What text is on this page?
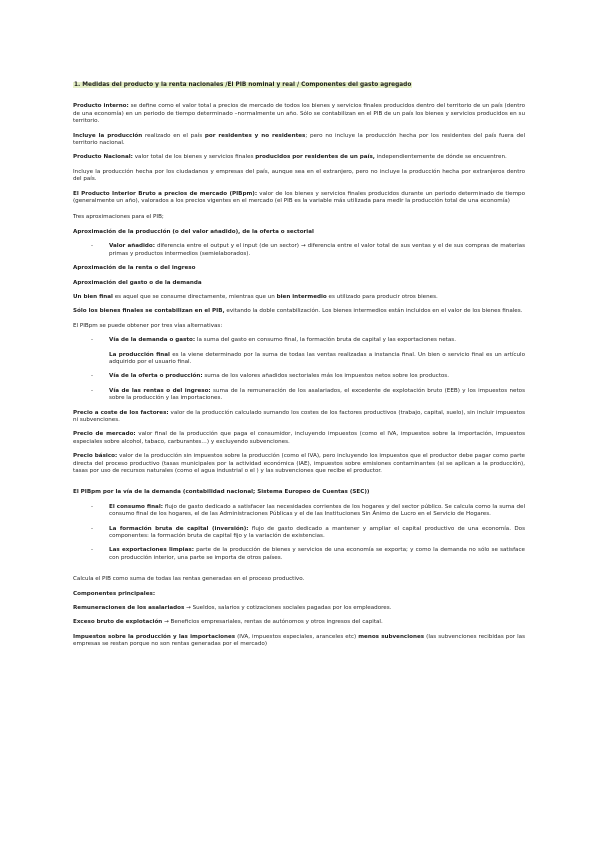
1. Medidas del producto y la renta nacionales /El PIB nominal y real / Componentes del gasto agregado

Producto interno: se define como el valor total a precios de mercado de todos los bienes y servicios finales producidos dentro del territorio de un país (dentro de una economía) en un periodo de tiempo determinado –normalmente un año. Sólo se contabilizan en el PIB de un país los bienes y servicios producidos en su territorio.

Incluye la producción realizado en el país por residentes y no residentes; pero no incluye la producción hecha por los residentes del país fuera del territorio nacional.

Producto Nacional: valor total de los bienes y servicios finales producidos por residentes de un país, independientemente de dónde se encuentren.

Incluye la producción hecha por los ciudadanos y empresas del país, aunque sea en el extranjero, pero no incluye la producción hecha por extranjeros dentro del país.

El Producto Interior Bruto a precios de mercado (PIBpm): valor de los bienes y servicios finales producidos durante un periodo determinado de tiempo (generalmente un año), valorados a los precios vigentes en el mercado (el PIB es la variable más utilizada para medir la producción total de una economía)

Tres aproximaciones para el PIB;

Aproximación de la producción (o del valor añadido), de la oferta o sectorial

-	Valor añadido: diferencia entre el output y el input (de un sector) → diferencia entre el valor total de sus ventas y el de sus compras de materias primas y productos intermedios (semielaborados).

Aproximación de la renta o del ingreso

Aproximación del gasto o de la demanda

Un bien final es aquel que se consume directamente, mientras que un bien intermedio es utilizado para producir otros bienes.

Sólo los bienes finales se contabilizan en el PIB, evitando la doble contabilización. Los bienes intermedios están incluidos en el valor de los bienes finales.

El PIBpm se puede obtener por tres vías alternativas:

-	Vía de la demanda o gasto: la suma del gasto en consumo final, la formación bruta de capital y las exportaciones netas.

La producción final es la viene determinado por la suma de todas las ventas realizadas a instancia final. Un bien o servicio final es un artículo adquirido por el usuario final.

-	Vía de la oferta o producción: suma de los valores añadidos sectoriales más los impuestos netos sobre los productos.

-	Vía de las rentas o del ingreso: suma de la remuneración de los asalariados, el excedente de explotación bruto (EEB) y los impuestos netos sobre la producción y las importaciones.

Precio a coste de los factores: valor de la producción calculado sumando los costes de los factores productivos (trabajo, capital, suelo), sin incluir impuestos ni subvenciones.

Precio de mercado: valor final de la producción que paga el consumidor, incluyendo impuestos (como el IVA, impuestos sobre la importación, impuestos especiales sobre alcohol, tabaco, carburantes…) y excluyendo subvenciones.

Precio básico: valor de la producción sin impuestos sobre la producción (como el IVA), pero incluyendo los impuestos que el productor debe pagar como parte directa del proceso productivo (tasas municipales por la actividad económica (IAE), impuestos sobre emisiones contaminantes (si se aplican a la producción), tasas por uso de recursos naturales (como el agua industrial o el ) y las subvenciones que recibe el productor.

El PIBpm por la vía de la demanda (contabilidad nacional; Sistema Europeo de Cuentas (SEC))

-	El consumo final: flujo de gasto dedicado a satisfacer las necesidades corrientes de los hogares y del sector público. Se calcula como la suma del consumo final de los hogares, el de las Administraciones Públicas y el de las Instituciones Sin Ánimo de Lucro en el Servicio de Hogares.

-	La formación bruta de capital (inversión): flujo de gasto dedicado a mantener y ampliar el capital productivo de una economía. Dos componentes: la formación bruta de capital fijo y la variación de existencias.

-	Las exportaciones limpias: parte de la producción de bienes y servicios de una economía se exporta; y como la demanda no sólo se satisface con producción interior, una parte se importa de otros países.

Calcula el PIB como suma de todas las rentas generadas en el proceso productivo.

Componentes principales:

Remuneraciones de los asalariados → Sueldos, salarios y cotizaciones sociales pagadas por los empleadores.

Exceso bruto de explotación → Beneficios empresariales, rentas de autónomos y otros ingresos del capital.

Impuestos sobre la producción y las importaciones (IVA, impuestos especiales, aranceles etc) menos subvenciones (las subvenciones recibidas por las empresas se restan porque no son rentas generadas por el mercado)
